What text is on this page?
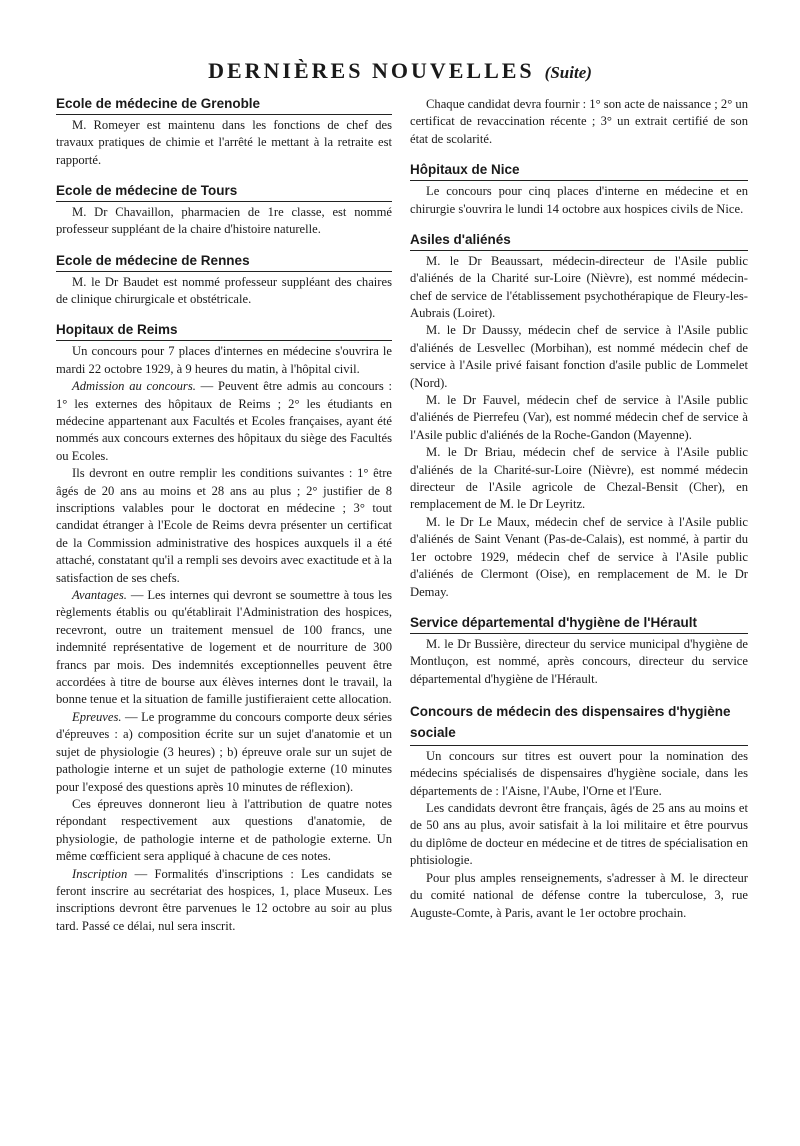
DERNIÈRES NOUVELLES (Suite)
Ecole de médecine de Grenoble

M. Romeyer est maintenu dans les fonctions de chef des travaux pratiques de chimie et l'arrêté le mettant à la retraite est rapporté.

Ecole de médecine de Tours

M. Dr Chavaillon, pharmacien de 1re classe, est nommé professeur suppléant de la chaire d'histoire naturelle.

Ecole de médecine de Rennes

M. le Dr Baudet est nommé professeur suppléant des chaires de clinique chirurgicale et obstétricale.

Hopitaux de Reims

Un concours pour 7 places d'internes en médecine s'ouvrira le mardi 22 octobre 1929, à 9 heures du matin, à l'hôpital civil.

Admission au concours. — Peuvent être admis au concours : 1° les externes des hôpitaux de Reims ; 2° les étudiants en médecine appartenant aux Facultés et Ecoles françaises, ayant été nommés aux concours externes des hôpitaux du siège des Facultés ou Ecoles.

Ils devront en outre remplir les conditions suivantes : 1° être âgés de 20 ans au moins et 28 ans au plus ; 2° justifier de 8 inscriptions valables pour le doctorat en médecine ; 3° tout candidat étranger à l'Ecole de Reims devra présenter un certificat de la Commission administrative des hospices auxquels il a été attaché, constatant qu'il a rempli ses devoirs avec exactitude et à la satisfaction de ses chefs.

Avantages. — Les internes qui devront se soumettre à tous les règlements établis ou qu'établirait l'Administration des hospices, recevront, outre un traitement mensuel de 100 francs, une indemnité représentative de logement et de nourriture de 300 francs par mois. Des indemnités exceptionnelles peuvent être accordées à titre de bourse aux élèves internes dont le travail, la bonne tenue et la situation de famille justifieraient cette allocation.

Epreuves. — Le programme du concours comporte deux séries d'épreuves : a) composition écrite sur un sujet d'anatomie et un sujet de physiologie (3 heures) ; b) épreuve orale sur un sujet de pathologie interne et un sujet de pathologie externe (10 minutes pour l'exposé des questions après 10 minutes de réflexion).

Ces épreuves donneront lieu à l'attribution de quatre notes répondant respectivement aux questions d'anatomie, de physiologie, de pathologie interne et de pathologie externe. Un même cœfficient sera appliqué à chacune de ces notes.

Inscription — Formalités d'inscriptions : Les candidats se feront inscrire au secrétariat des hospices, 1, place Museux. Les inscriptions devront être parvenues le 12 octobre au soir au plus tard. Passé ce délai, nul sera inscrit.

Chaque candidat devra fournir : 1° son acte de naissance ; 2° un certificat de revaccination récente ; 3° un extrait certifié de son état de scolarité.

Hôpitaux de Nice

Le concours pour cinq places d'interne en médecine et en chirurgie s'ouvrira le lundi 14 octobre aux hospices civils de Nice.

Asiles d'aliénés

M. le Dr Beaussart, médecin-directeur de l'Asile public d'aliénés de la Charité sur-Loire (Nièvre), est nommé médecin-chef de service de l'établissement psychothérapique de Fleury-les-Aubrais (Loiret).

M. le Dr Daussy, médecin chef de service à l'Asile public d'aliénés de Lesvellec (Morbihan), est nommé médecin chef de service à l'Asile privé faisant fonction d'asile public de Lommelet (Nord).

M. le Dr Fauvel, médecin chef de service à l'Asile public d'aliénés de Pierrefeu (Var), est nommé médecin chef de service à l'Asile public d'aliénés de la Roche-Gandon (Mayenne).

M. le Dr Briau, médecin chef de service à l'Asile public d'aliénés de la Charité-sur-Loire (Nièvre), est nommé médecin directeur de l'Asile agricole de Chezal-Bensit (Cher), en remplacement de M. le Dr Leyritz.

M. le Dr Le Maux, médecin chef de service à l'Asile public d'aliénés de Saint Venant (Pas-de-Calais), est nommé, à partir du 1er octobre 1929, médecin chef de service à l'Asile public d'aliénés de Clermont (Oise), en remplacement de M. le Dr Demay.

Service départemental d'hygiène de l'Hérault

M. le Dr Bussière, directeur du service municipal d'hygiène de Montluçon, est nommé, après concours, directeur du service départemental d'hygiène de l'Hérault.

Concours de médecin des dispensaires d'hygiène sociale

Un concours sur titres est ouvert pour la nomination des médecins spécialisés de dispensaires d'hygiène sociale, dans les départements de : l'Aisne, l'Aube, l'Orne et l'Eure.

Les candidats devront être français, âgés de 25 ans au moins et de 50 ans au plus, avoir satisfait à la loi militaire et être pourvus du diplôme de docteur en médecine et de titres de spécialisation en phtisiologie.

Pour plus amples renseignements, s'adresser à M. le directeur du comité national de défense contre la tuberculose, 3, rue Auguste-Comte, à Paris, avant le 1er octobre prochain.
